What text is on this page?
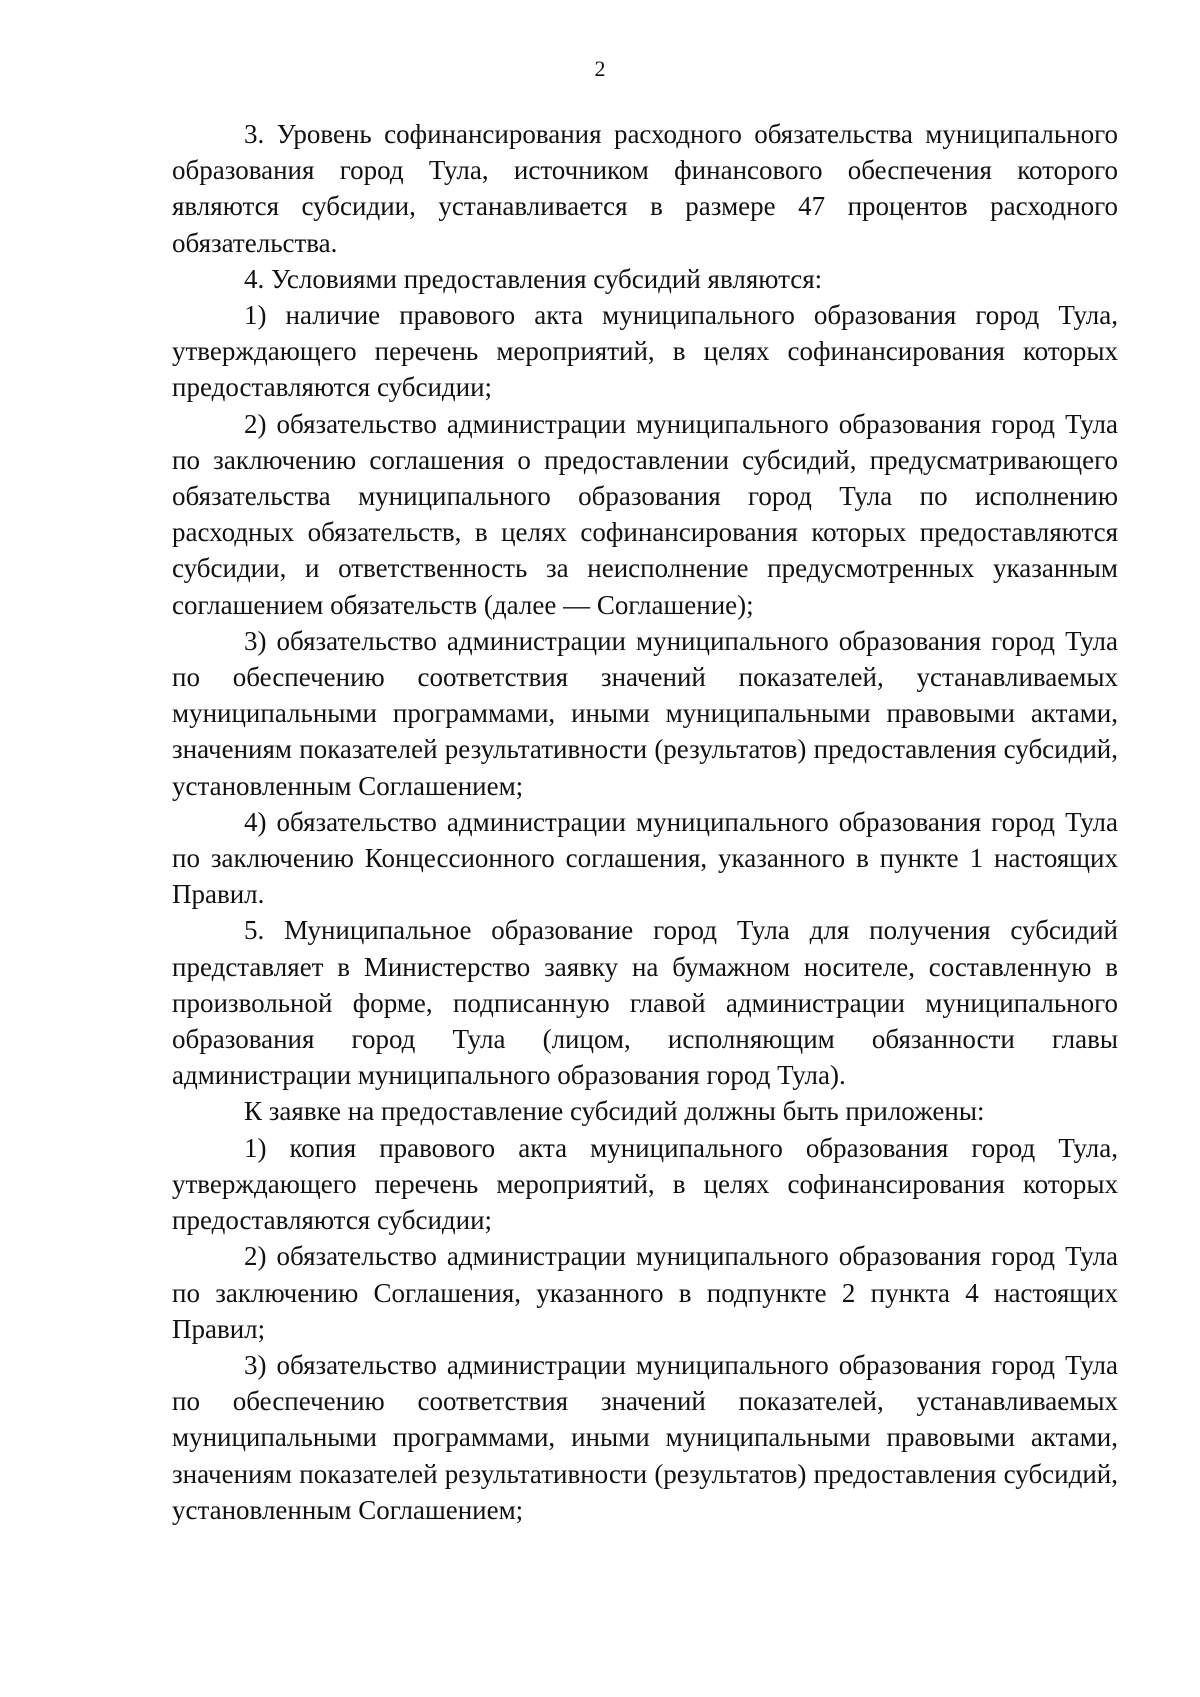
2

3. Уровень софинансирования расходного обязательства муниципального образования город Тула, источником финансового обеспечения которого являются субсидии, устанавливается в размере 47 процентов расходного обязательства.

4. Условиями предоставления субсидий являются:

1) наличие правового акта муниципального образования город Тула, утверждающего перечень мероприятий, в целях софинансирования которых предоставляются субсидии;

2) обязательство администрации муниципального образования город Тула по заключению соглашения о предоставлении субсидий, предусматривающего обязательства муниципального образования город Тула по исполнению расходных обязательств, в целях софинансирования которых предоставляются субсидии, и ответственность за неисполнение предусмотренных указанным соглашением обязательств (далее — Соглашение);

3) обязательство администрации муниципального образования город Тула по обеспечению соответствия значений показателей, устанавливаемых муниципальными программами, иными муниципальными правовыми актами, значениям показателей результативности (результатов) предоставления субсидий, установленным Соглашением;

4) обязательство администрации муниципального образования город Тула по заключению Концессионного соглашения, указанного в пункте 1 настоящих Правил.

5. Муниципальное образование город Тула для получения субсидий представляет в Министерство заявку на бумажном носителе, составленную в произвольной форме, подписанную главой администрации муниципального образования город Тула (лицом, исполняющим обязанности главы администрации муниципального образования город Тула).

К заявке на предоставление субсидий должны быть приложены:

1) копия правового акта муниципального образования город Тула, утверждающего перечень мероприятий, в целях софинансирования которых предоставляются субсидии;

2) обязательство администрации муниципального образования город Тула по заключению Соглашения, указанного в подпункте 2 пункта 4 настоящих Правил;

3) обязательство администрации муниципального образования город Тула по обеспечению соответствия значений показателей, устанавливаемых муниципальными программами, иными муниципальными правовыми актами, значениям показателей результативности (результатов) предоставления субсидий, установленным Соглашением;
